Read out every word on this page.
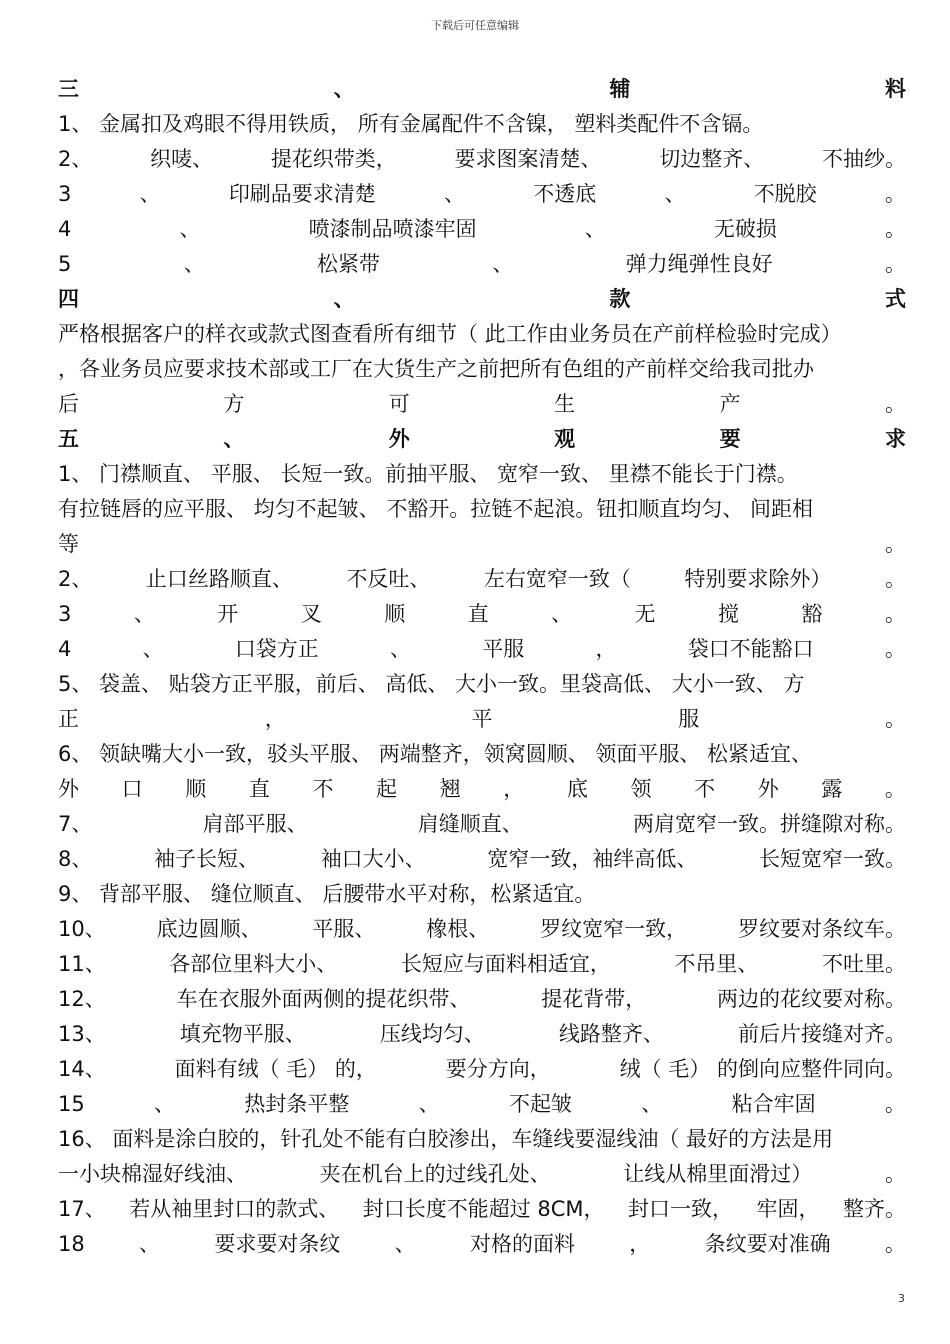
下载后可任意编辑
三	、	辅	料
1、 金属扣及鸡眼不得用铁质， 所有金属配件不含镍， 塑料类配件不含镉。
2、	织唛、	提花织带类，	要求图案清楚、	切边整齐、	不抽纱。
3	、	印刷品要求清楚	、	不透底	、	不脱胶	。
4	、	喷漆制品喷漆牢固	、	无破损	。
5	、	松紧带	、	弹力绳弹性良好	。
四	、	款	式
严格根据客户的样衣或款式图查看所有细节（ 此工作由业务员在产前样检验时完成）
，各业务员应要求技术部或工厂在大货生产之前把所有色组的产前样交给我司批办
后	方	可	生	产	。
五	、	外	观	要	求
1、 门襟顺直、 平服、 长短一致。前抽平服、 宽窄一致、 里襟不能长于门襟。
有拉链唇的应平服、 均匀不起皱、 不豁开。拉链不起浪。钮扣顺直均匀、 间距相
等	。
2、	止口丝路顺直、	不反吐、	左右宽窄一致（	特别要求除外）	。
3	、	开	叉	顺	直	、	无	搅	豁	。
4	、	口袋方正	、	平服	，	袋口不能豁口	。
5、 袋盖、 贴袋方正平服，前后、 高低、 大小一致。里袋高低、 大小一致、 方
正	，	平	服	。
6、 领缺嘴大小一致，驳头平服、 两端整齐，领窝圆顺、 领面平服、 松紧适宜、
外 口 顺 直 不 起 翘 ， 底 领 不 外 露 。
7、	肩部平服、	肩缝顺直、	两肩宽窄一致。拼缝隙对称。
8、	袖子长短、	袖口大小、	宽窄一致，袖绊高低、	长短宽窄一致。
9、 背部平服、 缝位顺直、 后腰带水平对称，松紧适宜。
10、 底边圆顺、 平服、 橡根、 罗纹宽窄一致， 罗纹要对条纹车。
11、	各部位里料大小、	长短应与面料相适宜，	不吊里、	不吐里。
12、	车在衣服外面两侧的提花织带、	提花背带，	两边的花纹要对称。
13、	填充物平服、	压线均匀、	线路整齐、	前后片接缝对齐。
14、	面料有绒（ 毛） 的，	要分方向，	绒（ 毛） 的倒向应整件同向。
15	、	热封条平整	、	不起皱	、	粘合牢固	。
16、 面料是涂白胶的，针孔处不能有白胶渗出，车缝线要湿线油（ 最好的方法是用
一小块棉湿好线油、	夹在机台上的过线孔处、	让线从棉里面滑过）	。
17、 若从袖里封口的款式、 封口长度不能超过 8CM， 封口一致， 牢固， 整齐。
18	、	要求要对条纹	、	对格的面料	，	条纹要对准确	。
3
